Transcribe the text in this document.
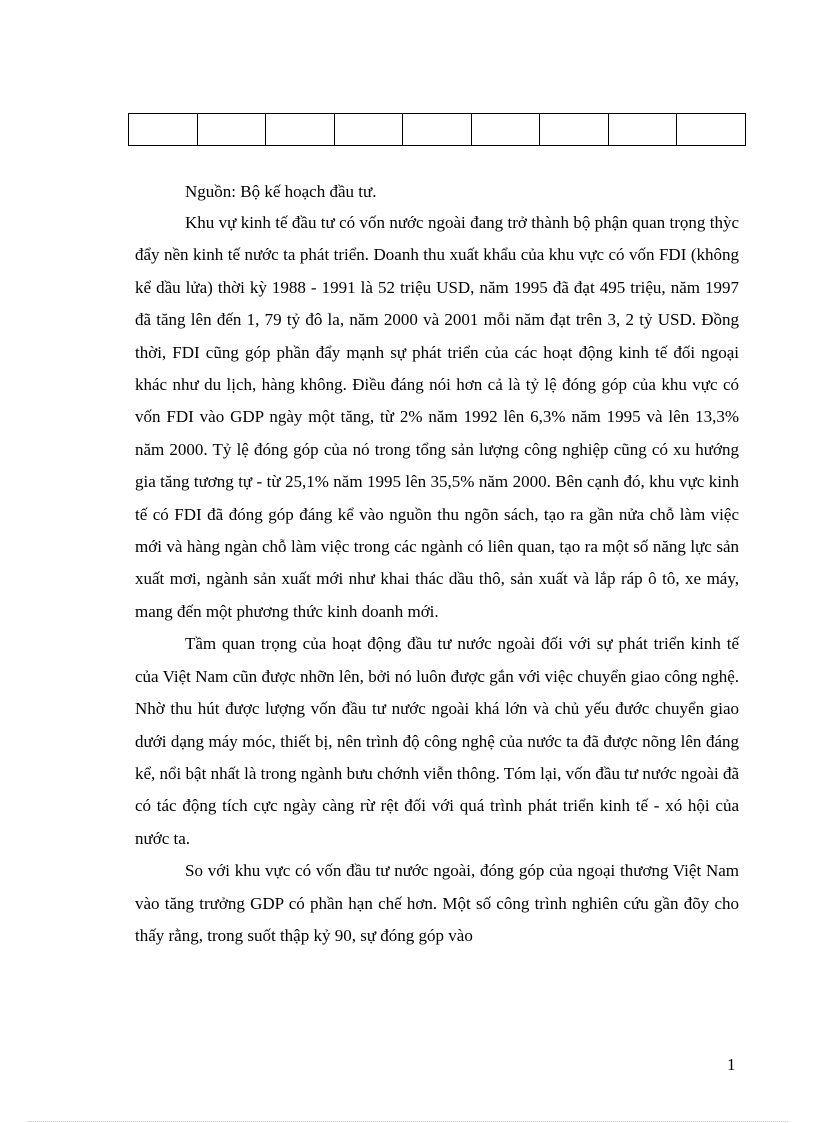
Nguồn: Bộ kế hoạch đầu tư.

Khu vự kinh tế đầu tư có vốn nước ngoài đang trở thành bộ phận quan trọng thỳc đẩy nền kinh tế nước ta phát triển. Doanh thu xuất khẩu của khu vực có vốn FDI (không kể dầu lửa) thời kỳ 1988 - 1991 là 52 triệu USD, năm 1995 đã đạt 495 triệu, năm 1997 đã tăng lên đến 1, 79 tỷ đô la, năm 2000 và 2001 mỗi năm đạt trên 3, 2 tỷ USD. Đồng thời, FDI cũng góp phần đẩy mạnh sự phát triển của các hoạt động kinh tế đối ngoại khác như du lịch, hàng không. Điều đáng nói hơn cả là tỷ lệ đóng góp của khu vực có vốn FDI vào GDP ngày một tăng, từ 2% năm 1992 lên 6,3% năm 1995 và lên 13,3% năm 2000. Tỷ lệ đóng góp của nó trong tổng sản lượng công nghiệp cũng có xu hướng gia tăng tương tự - từ 25,1% năm 1995 lên 35,5% năm 2000. Bên cạnh đó, khu vực kinh tế có FDI đã đóng góp đáng kể vào nguồn thu ngõn sách, tạo ra gần nửa chỗ làm việc mới và hàng ngàn chỗ làm việc trong các ngành có liên quan, tạo ra một số năng lực sản xuất mơi, ngành sản xuất mới như khai thác dầu thô, sản xuất và lắp ráp ô tô, xe máy, mang đến một phương thức kinh doanh mới.

Tầm quan trọng của hoạt động đầu tư nước ngoài đối với sự phát triển kinh tế của Việt Nam cũn được nhỡn lên, bởi nó luôn được gắn với việc chuyển giao công nghệ. Nhờ thu hút được lượng vốn đầu tư nước ngoài khá lớn và chủ yếu đước chuyển giao dưới dạng máy móc, thiết bị, nên trình độ công nghệ của nước ta đã được nõng lên đáng kể, nổi bật nhất là trong ngành bưu chớnh viễn thông. Tóm lại, vốn đầu tư nước ngoài đã có tác động tích cực ngày càng rừ rệt đối với quá trình phát triển kinh tế - xó hội của nước ta.

So với khu vực có vốn đầu tư nước ngoài, đóng góp của ngoại thương Việt Nam vào tăng trưởng GDP có phần hạn chế hơn. Một số công trình nghiên cứu gần đõy cho thấy rằng, trong suốt thập kỷ 90, sự đóng góp vào

1
